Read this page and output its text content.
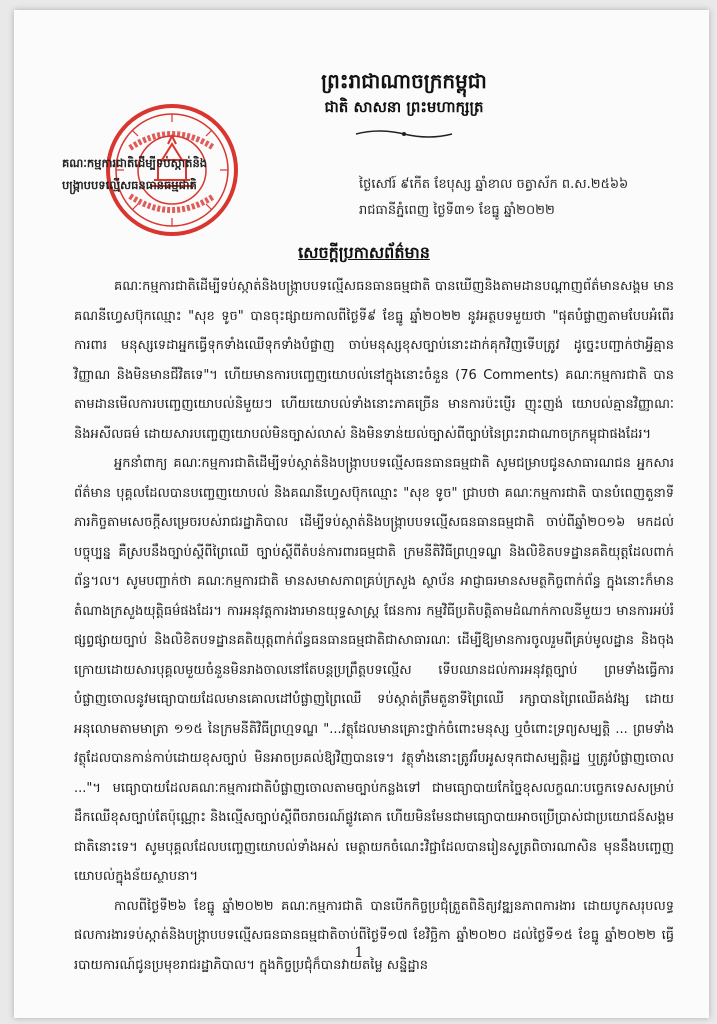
ព្រះរាជាណាចក្រកម្ពុជា
ជាតិ សាសនា ព្រះមហាក្សត្រ
គណៈកម្មការជាតិដើម្បីទប់ស្កាត់និង
បង្ក្រាបបទល្មើសធនធានធម្មជាតិ	ថ្ងៃសៅរ៍ ៩កើត ខែបុស្ស ឆ្នាំខាល ចត្វាស័ក ព.ស.២៥៦៦
រាជធានីភ្នំពេញ ថ្ងៃទី៣១ ខែធ្នូ ឆ្នាំ២០២២
សេចក្តីប្រកាសព័ត៌មាន

គណៈកម្មការជាតិដើម្បីទប់ស្កាត់និងបង្ក្រាបបទល្មើសធនធានធម្មជាតិ បានឃើញនិងតាមដានបណ្តាញព័ត៌មានសង្គម មានគណនីហ្វេសប៊ុកឈ្មោះ "សុខ ទូច" បានចុះផ្សាយកាលពីថ្ងៃទី៩ ខែធ្នូ ឆ្នាំ២០២២ នូវអត្ថបទមួយថា "ផុតបំផ្លាញតាមបែបអំពើរការពារ មនុស្សទេដាអ្នកធ្វើទុកទាំងឈើទុកទាំងបំផ្លាញ ចាប់មនុស្សខុសច្បាប់នោះដាក់គុកវិញទើបត្រូវ ដូច្នេះបញ្ជាក់ថាអ្វីគ្មានវិញ្ញាណ និងមិនមានជីវិតទេ"។ ហើយមានការបញ្ចេញយោបល់នៅក្នុងនោះចំនួន (76 Comments) គណៈកម្មការជាតិ បានតាមដានមើលការបញ្ចេញយោបល់និមួយៗ ហើយយោបល់ទាំងនោះភាគច្រើន មានការប៉ះប្ញើរ ញុះញង់ យោបល់គ្មានវិញ្ញាណៈ និងអសីលធម៌ ដោយសារបញ្ចេញយោបល់មិនច្បាស់លាស់ និងមិនទាន់យល់ច្បាស់ពីច្បាប់នៃព្រះរាជាណាចក្រកម្ពុជាផងដែរ។

អ្នកនាំពាក្យ គណៈកម្មការជាតិដើម្បីទប់ស្កាត់និងបង្ក្រាបបទល្មើសធនធានធម្មជាតិ សូមជម្រាបជូនសាធារណជន អ្នកសារព័ត៌មាន បុគ្គលដែលបានបញ្ចេញយោបល់ និងគណនីហ្វេសប៊ុកឈ្មោះ "សុខ ទូច" ជ្រាបថា គណៈកម្មការជាតិ បានបំពេញតួនាទី ភារកិច្ចតាមសេចក្តីសម្រេចរបស់រាជរដ្ឋាភិបាល ដើម្បីទប់ស្កាត់និងបង្ក្រាបបទល្មើសធនធានធម្មជាតិ ចាប់ពីឆ្នាំ២០១៦ មកដល់បច្ចុប្បន្ន គឺស្របនឹងច្បាប់ស្តីពីព្រៃឈើ ច្បាប់ស្តីពីតំបន់ការពារធម្មជាតិ ក្រមនីតិវិធីព្រហ្មទណ្ឌ និងលិខិតបទដ្ឋានគតិយុត្តដែលពាក់ព័ន្ធ។ល។ សូមបញ្ជាក់ថា គណៈកម្មការជាតិ មានសមាសភាពគ្រប់ក្រសួង ស្ថាប័ន អាជ្ញាធរមានសមត្ថកិច្ចពាក់ព័ន្ធ ក្នុងនោះក៏មានតំណាងក្រសួងយុត្តិធម៌ផងដែរ។ ការអនុវត្តការងារមានយុទ្ធសាស្ត្រ ផែនការ កម្មវិធីប្រតិបត្តិតាមដំណាក់កាលនីមួយៗ មានការអប់រំ ផ្សព្វផ្សាយច្បាប់ និងលិខិតបទដ្ឋានគតិយុត្តពាក់ព័ន្ធធនធានធម្មជាតិជាសាធារណៈ ដើម្បីឱ្យមានការចូលរួមពីគ្រប់មូលដ្ឋាន និងចុងក្រោយដោយសារបុគ្គលមួយចំនួនមិនរាងចាលនៅតែបន្តប្រព្រឹត្តបទល្មើស ទើបឈានដល់ការអនុវត្តច្បាប់ ព្រមទាំងធ្វើការបំផ្លាញចោលនូវមធ្យោបាយដែលមានគោលដៅបំផ្លាញព្រៃឈើ ទប់ស្កាត់ត្រឹមតួនាទីព្រៃឈើ រក្សាបានព្រៃឈើគង់វង្ស ដោយអនុលោមតាមមាត្រា ១១៥ នៃក្រមនីតិវិធីព្រហ្មទណ្ឌ "...វត្ថុដែលមានគ្រោះថ្នាក់ចំពោះមនុស្ស ឬចំពោះទ្រព្យសម្បត្តិ ... ព្រមទាំងវត្ថុដែលបានកាន់កាប់ដោយខុសច្បាប់ មិនអាចប្រគល់ឱ្យវិញបានទេ។ វត្ថុទាំងនោះត្រូវរឹបអូសទុកជាសម្បត្តិរដ្ឋ ឬត្រូវបំផ្លាញចោល ..."។ មធ្យោបាយដែលគណៈកម្មការជាតិបំផ្លាញចោលតាមច្បាប់កន្លងទៅ ជាមធ្យោបាយកែច្នៃខុសលក្ខណៈបច្ចេកទេសសម្រាប់ដឹកឈើខុសច្បាប់តែប៉ុណ្ណោះ និងល្មើសច្បាប់ស្តីពីចរាចរណ៍ផ្លូវគោក ហើយមិនមែនជាមធ្យោបាយអាចប្រើប្រាស់ជាប្រយោជន៍សង្គមជាតិនោះទេ។ សូមបុគ្គលដែលបញ្ចេញយោបល់ទាំងអស់ មេត្តាយកចំណេះវិជ្ជាដែលបានរៀនសូត្រពិចារណាសិន មុននឹងបញ្ចេញយោបល់ក្នុងន័យស្ថាបនា។

កាលពីថ្ងៃទី២៦ ខែធ្នូ ឆ្នាំ២០២២ គណៈកម្មការជាតិ បានបើកកិច្ចប្រជុំត្រួតពិនិត្យវឌ្ឍនភាពការងារ ដោយបូកសរុបលទ្ធផលការងារទប់ស្កាត់និងបង្ក្រាបបទល្មើសធនធានធម្មជាតិចាប់ពីថ្ងៃទី១៧ ខែវិច្ឆិកា ឆ្នាំ២០២០ ដល់ថ្ងៃទី១៥ ខែធ្នូ ឆ្នាំ២០២២ ធ្វើរបាយការណ៍ជូនប្រមុខរាជរដ្ឋាភិបាល។ ក្នុងកិច្ចប្រជុំក៏បានវាយតម្លៃ សន្និដ្ឋាន

1
